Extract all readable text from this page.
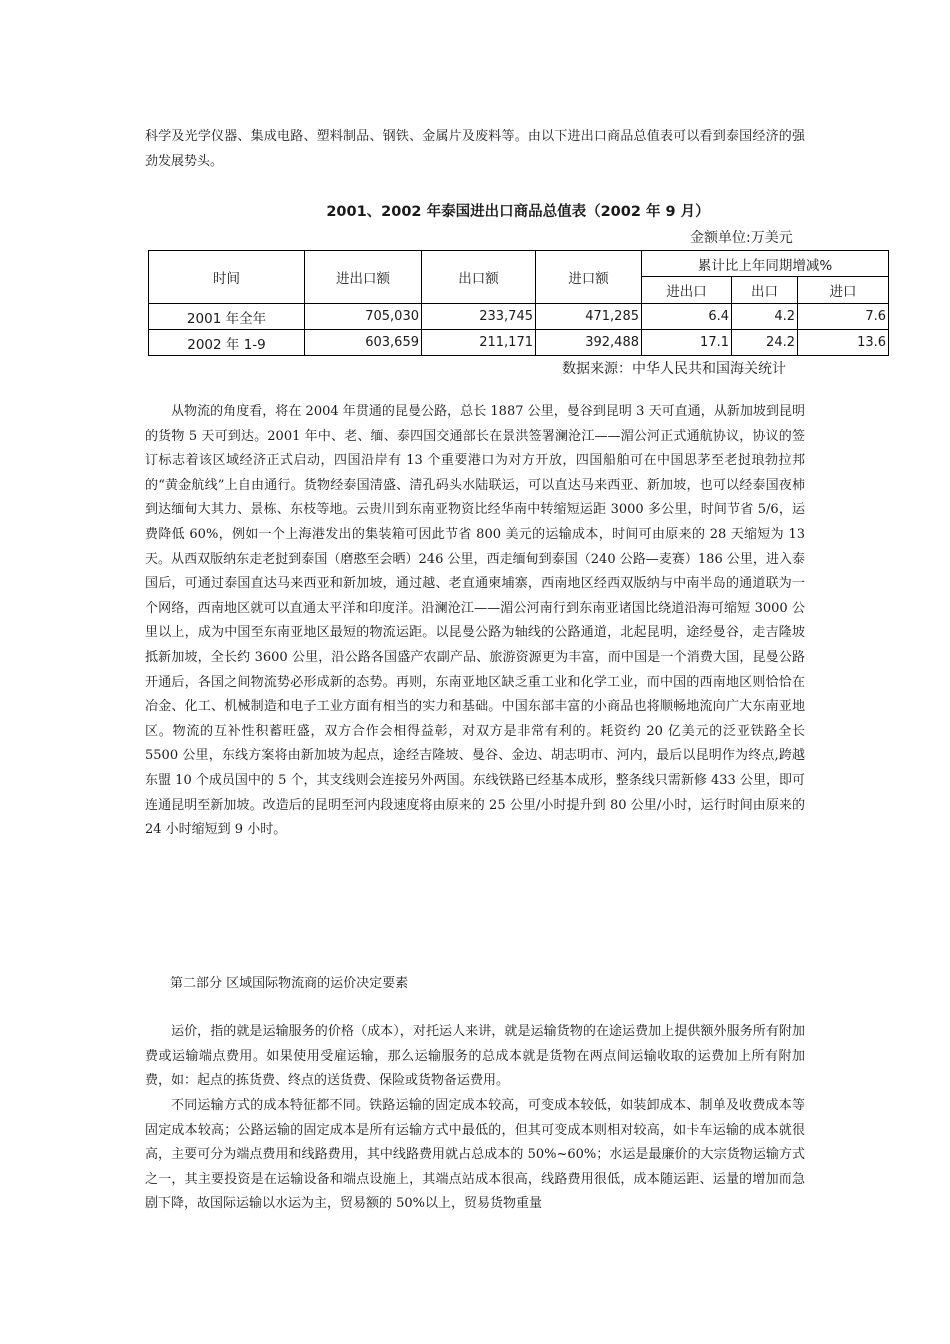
科学及光学仪器、集成电路、塑料制品、钢铁、金属片及废料等。由以下进出口商品总值表可以看到泰国经济的强劲发展势头。

2001、2002 年泰国进出口商品总值表（2002 年 9 月）
金额单位:万美元
时间	进出口额	出口额	进口额	累计比上年同期增减%		
				进出口	出口	进口
2001 年全年	705,030	233,745	471,285	6.4	4.2	7.6
2002 年 1-9	603,659	211,171	392,488	17.1	24.2	13.6
数据来源：中华人民共和国海关统计

从物流的角度看，将在 2004 年贯通的昆曼公路，总长 1887 公里，曼谷到昆明 3 天可直通，从新加坡到昆明的货物 5 天可到达。2001 年中、老、缅、泰四国交通部长在景洪签署澜沧江——湄公河正式通航协议，协议的签订标志着该区域经济正式启动，四国沿岸有 13 个重要港口为对方开放，四国船舶可在中国思茅至老挝琅勃拉邦的“黄金航线”上自由通行。货物经泰国清盛、清孔码头水陆联运，可以直达马来西亚、新加坡，也可以经泰国夜柿到达缅甸大其力、景栋、东枝等地。云贵川到东南亚物资比经华南中转缩短运距 3000 多公里，时间节省 5/6，运费降低 60%，例如一个上海港发出的集装箱可因此节省 800 美元的运输成本，时间可由原来的 28 天缩短为 13 天。从西双版纳东走老挝到泰国（磨憨至会晒）246 公里，西走缅甸到泰国（240 公路—麦赛）186 公里，进入泰国后，可通过泰国直达马来西亚和新加坡，通过越、老直通柬埔寨，西南地区经西双版纳与中南半岛的通道联为一个网络，西南地区就可以直通太平洋和印度洋。沿澜沧江——湄公河南行到东南亚诸国比绕道沿海可缩短 3000 公里以上，成为中国至东南亚地区最短的物流运距。以昆曼公路为轴线的公路通道，北起昆明，途经曼谷，走吉隆坡抵新加坡，全长约 3600 公里，沿公路各国盛产农副产品、旅游资源更为丰富，而中国是一个消费大国，昆曼公路开通后，各国之间物流势必形成新的态势。再则，东南亚地区缺乏重工业和化学工业，而中国的西南地区则恰恰在冶金、化工、机械制造和电子工业方面有相当的实力和基础。中国东部丰富的小商品也将顺畅地流向广大东南亚地区。物流的互补性积蓄旺盛，双方合作会相得益彰，对双方是非常有利的。耗资约 20 亿美元的泛亚铁路全长 5500 公里，东线方案将由新加坡为起点，途经吉隆坡、曼谷、金边、胡志明市、河内，最后以昆明作为终点,跨越东盟 10 个成员国中的 5 个，其支线则会连接另外两国。东线铁路已经基本成形，整条线只需新修 433 公里，即可连通昆明至新加坡。改造后的昆明至河内段速度将由原来的 25 公里/小时提升到 80 公里/小时，运行时间由原来的 24 小时缩短到 9 小时。

第二部分 区域国际物流商的运价决定要素

运价，指的就是运输服务的价格（成本），对托运人来讲，就是运输货物的在途运费加上提供额外服务所有附加费或运输端点费用。如果使用受雇运输，那么运输服务的总成本就是货物在两点间运输收取的运费加上所有附加费，如：起点的拣货费、终点的送货费、保险或货物备运费用。

不同运输方式的成本特征都不同。铁路运输的固定成本较高，可变成本较低，如装卸成本、制单及收费成本等固定成本较高；公路运输的固定成本是所有运输方式中最低的，但其可变成本则相对较高，如卡车运输的成本就很高，主要可分为端点费用和线路费用，其中线路费用就占总成本的 50%~60%；水运是最廉价的大宗货物运输方式之一，其主要投资是在运输设备和端点设施上，其端点站成本很高，线路费用很低，成本随运距、运量的增加而急剧下降，故国际运输以水运为主，贸易额的 50%以上，贸易货物重量
